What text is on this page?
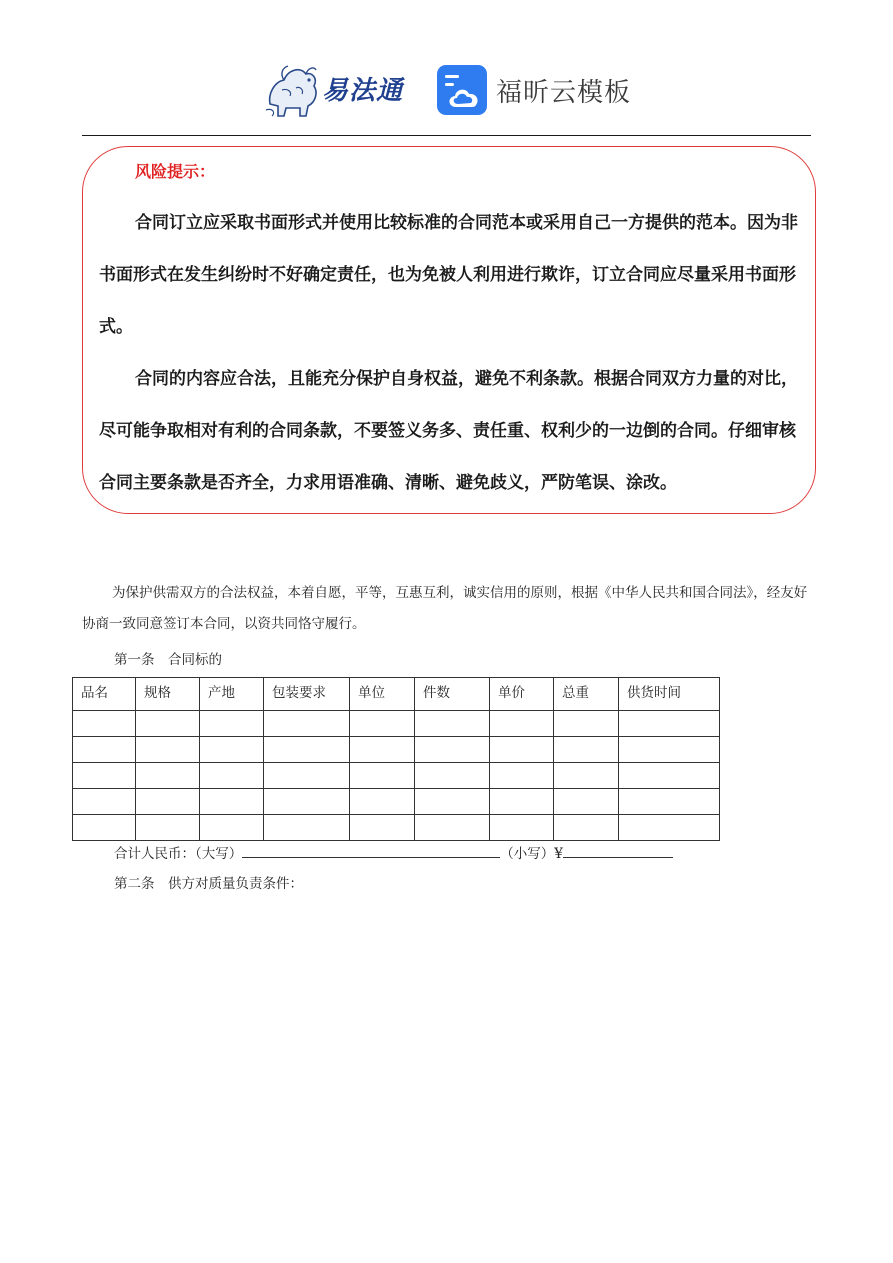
易法通	福昕云模板
风险提示：
合同订立应采取书面形式并使用比较标准的合同范本或采用自己一方提供的范本。因为非书面形式在发生纠纷时不好确定责任，也为免被人利用进行欺诈，订立合同应尽量采用书面形式。
合同的内容应合法，且能充分保护自身权益，避免不利条款。根据合同双方力量的对比，尽可能争取相对有利的合同条款，不要签义务多、责任重、权利少的一边倒的合同。仔细审核合同主要条款是否齐全，力求用语准确、清晰、避免歧义，严防笔误、涂改。
为保护供需双方的合法权益，本着自愿，平等，互惠互利，诚实信用的原则，根据《中华人民共和国合同法》，经友好协商一致同意签订本合同，以资共同恪守履行。
第一条　合同标的
品名	规格	产地	包装要求	单位	件数	单价	总重	供货时间

合计人民币：（大写）	（小写）¥
第二条　供方对质量负责条件：
